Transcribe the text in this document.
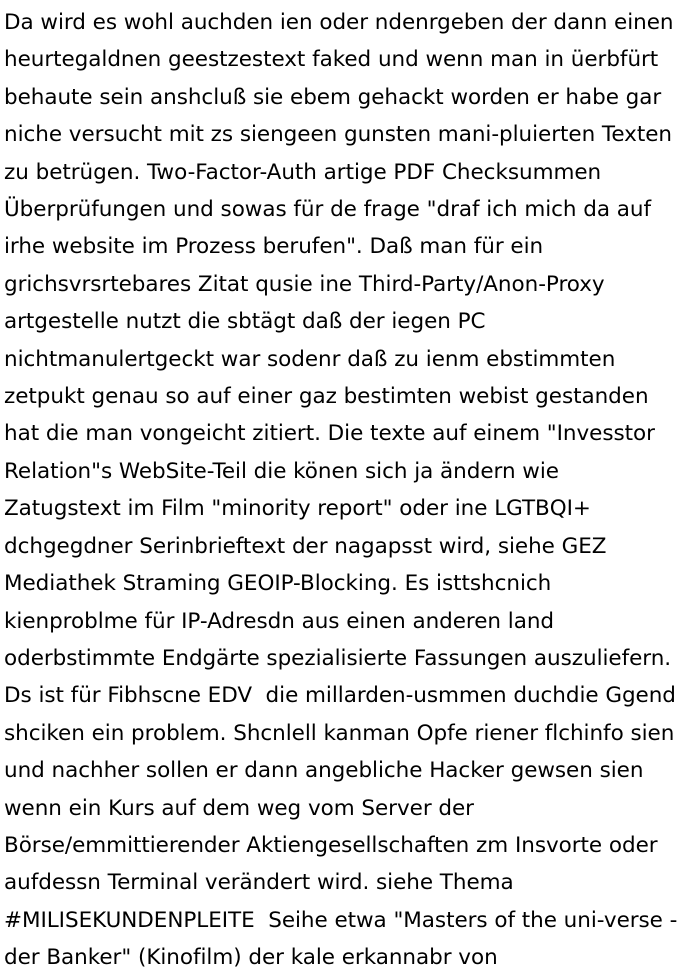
Da wird es wohl auchden ien oder ndenrgeben der dann einen heurtegaldnen geestzestext faked und wenn man in üerbfürt behaute sein anshcluß sie ebem gehackt worden er habe gar niche versucht mit zs siengeen gunsten mani-pluierten Texten zu betrügen. Two-Factor-Auth artige PDF Checksummen Überprüfungen und sowas für de frage "draf ich mich da auf irhe website im Prozess berufen". Daß man für ein grichsvrsrtebares Zitat qusie ine Third-Party/Anon-Proxy artgestelle nutzt die sbtägt daß der iegen PC nichtmanulertgeckt war sodenr daß zu ienm ebstimmten zetpukt genau so auf einer gaz bestimten webist gestanden hat die man vongeicht zitiert. Die texte auf einem "Invesstor Relation"s WebSite-Teil die könen sich ja ändern wie Zatugstext im Film "minority report" oder ine LGTBQI+ dchgegdner Serinbrieftext der nagapsst wird, siehe GEZ Mediathek Straming GEOIP-Blocking. Es isttshcnich kienproblme für IP-Adresdn aus einen anderen land oderbstimmte Endgärte spezialisierte Fassungen auszuliefern. Ds ist für Fibhscne EDV  die millarden-usmmen duchdie Ggend shciken ein problem. Shcnlell kanman Opfe riener flchinfo sien und nachher sollen er dann angebliche Hacker gewsen sien wenn ein Kurs auf dem weg vom Server der Börse/emmittierender Aktiengesellschaften zm Insvorte oder aufdessn Terminal verändert wird. siehe Thema #MILISEKUNDENPLEITE  Seihe etwa "Masters of the uni-verse - der Banker" (Kinofilm) der kale erkannabr von
